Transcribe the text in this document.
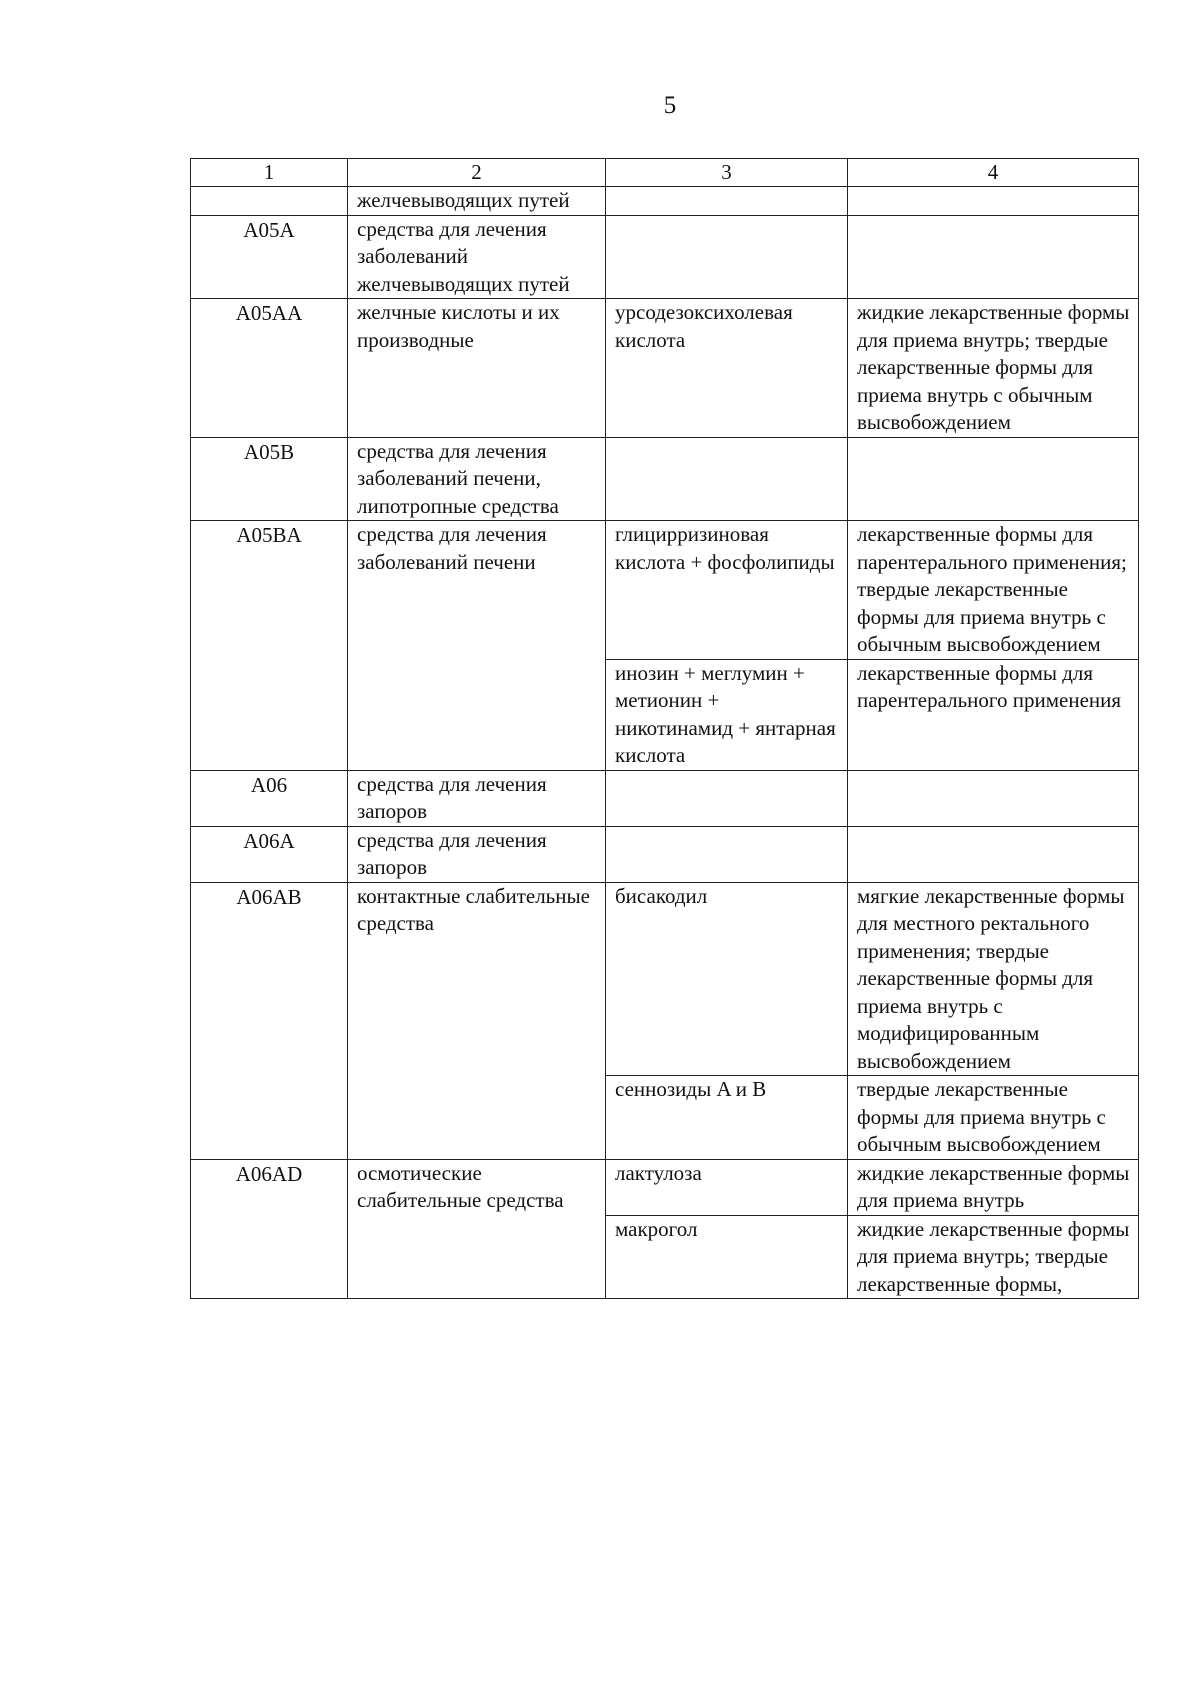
5
1	2	3	4
	желчевыводящих путей		
A05A	средства для лечения заболеваний желчевыводящих путей		
A05AA	желчные кислоты и их производные	урсодезоксихолевая кислота	жидкие лекарственные формы для приема внутрь; твердые лекарственные формы для приема внутрь с обычным высвобождением
A05B	средства для лечения заболеваний печени, липотропные средства		
A05BA	средства для лечения заболеваний печени	глицирризиновая кислота + фосфолипиды	лекарственные формы для парентерального применения; твердые лекарственные формы для приема внутрь с обычным высвобождением
		инозин + меглумин + метионин + никотинамид + янтарная кислота	лекарственные формы для парентерального применения
A06	средства для лечения запоров		
A06A	средства для лечения запоров		
A06AB	контактные слабительные средства	бисакодил	мягкие лекарственные формы для местного ректального применения; твердые лекарственные формы для приема внутрь с модифицированным высвобождением
		сеннозиды A и B	твердые лекарственные формы для приема внутрь с обычным высвобождением
A06AD	осмотические слабительные средства	лактулоза	жидкие лекарственные формы для приема внутрь
		макрогол	жидкие лекарственные формы для приема внутрь; твердые лекарственные формы,
